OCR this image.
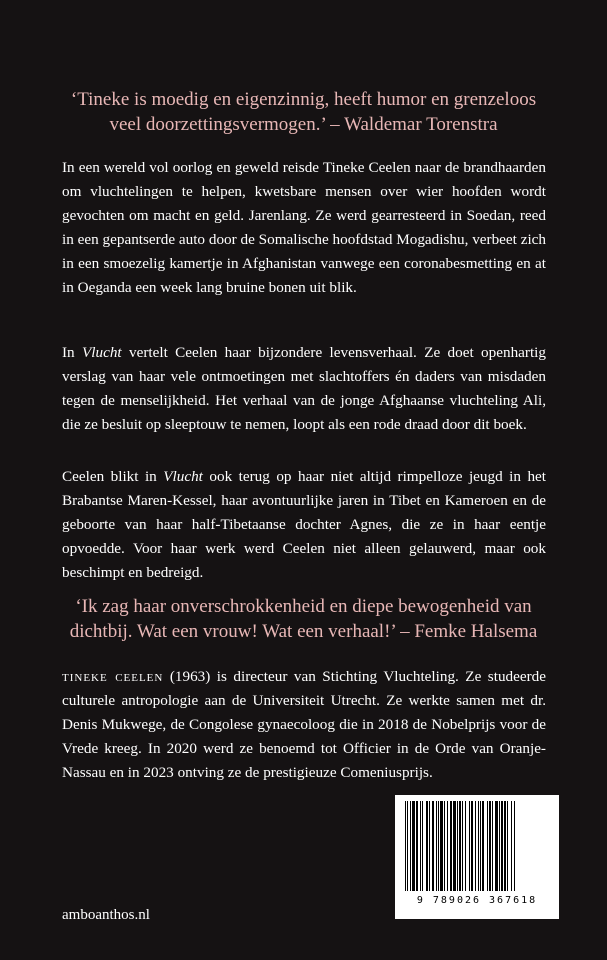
‘Tineke is moedig en eigenzinnig, heeft humor en grenzeloos
veel doorzettingsvermogen.’ – Waldemar Torenstra

In een wereld vol oorlog en geweld reisde Tineke Ceelen naar de brandhaarden om vluchtelingen te helpen, kwetsbare mensen over wier hoofden wordt gevochten om macht en geld. Jarenlang. Ze werd gearresteerd in Soedan, reed in een gepantserde auto door de Somalische hoofdstad Mogadishu, verbeet zich in een smoezelig kamertje in Afghanistan vanwege een coronabesmetting en at in Oeganda een week lang bruine bonen uit blik.

In Vlucht vertelt Ceelen haar bijzondere levensverhaal. Ze doet openhartig verslag van haar vele ontmoetingen met slachtoffers én daders van misdaden tegen de menselijkheid. Het verhaal van de jonge Afghaanse vluchteling Ali, die ze besluit op sleeptouw te nemen, loopt als een rode draad door dit boek.

Ceelen blikt in Vlucht ook terug op haar niet altijd rimpelloze jeugd in het Brabantse Maren-Kessel, haar avontuurlijke jaren in Tibet en Kameroen en de geboorte van haar half-Tibetaanse dochter Agnes, die ze in haar eentje opvoedde. Voor haar werk werd Ceelen niet alleen gelauwerd, maar ook beschimpt en bedreigd.

‘Ik zag haar onverschrokkenheid en diepe bewogenheid van
dichtbij. Wat een vrouw! Wat een verhaal!’ – Femke Halsema

tineke ceelen (1963) is directeur van Stichting Vluchteling. Ze studeerde culturele antropologie aan de Universiteit Utrecht. Ze werkte samen met dr. Denis Mukwege, de Congolese gynaecoloog die in 2018 de Nobelprijs voor de Vrede kreeg. In 2020 werd ze benoemd tot Officier in de Orde van Oranje-Nassau en in 2023 ontving ze de prestigieuze Comeniusprijs.

amboanthos.nl
9 789026 367618
